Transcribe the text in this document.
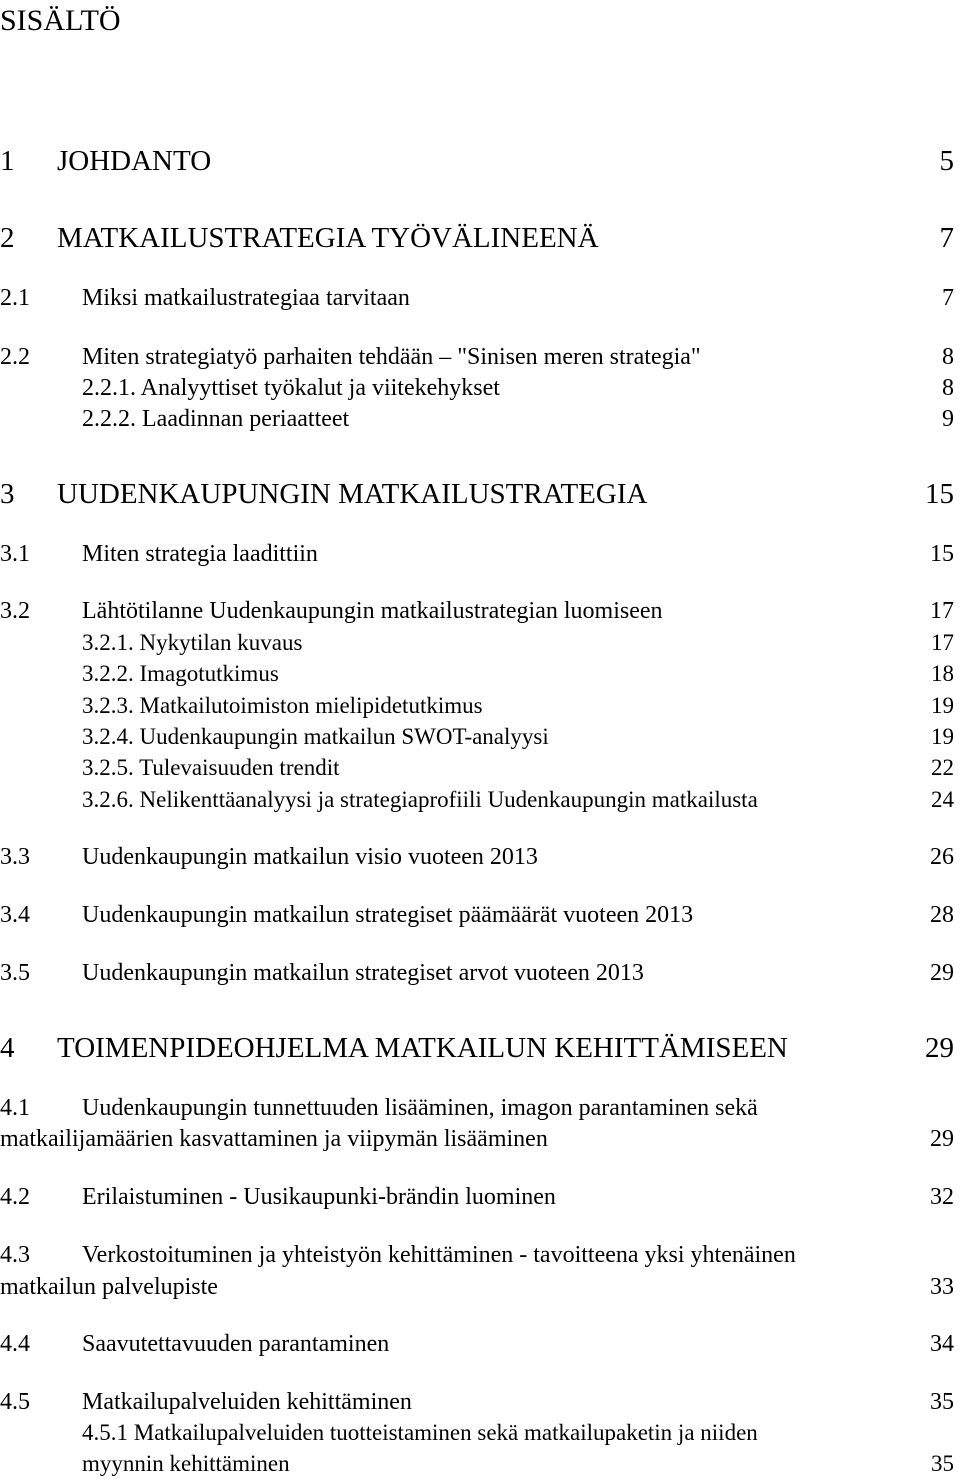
SISÄLTÖ
1 JOHDANTO	5
2 MATKAILUSTRATEGIA TYÖVÄLINEENÄ	7
2.1 Miksi matkailustrategiaa tarvitaan	7
2.2 Miten strategiatyö parhaiten tehdään – "Sinisen meren strategia"	8
2.2.1. Analyyttiset työkalut ja viitekehykset	8
2.2.2. Laadinnan periaatteet	9
3 UUDENKAUPUNGIN MATKAILUSTRATEGIA	15
3.1 Miten strategia laadittiin	15
3.2 Lähtötilanne Uudenkaupungin matkailustrategian luomiseen	17
3.2.1. Nykytilan kuvaus	17
3.2.2. Imagotutkimus	18
3.2.3. Matkailutoimiston mielipidetutkimus	19
3.2.4. Uudenkaupungin matkailun SWOT-analyysi	19
3.2.5. Tulevaisuuden trendit	22
3.2.6. Nelikenttäanalyysi ja strategiaprofiili Uudenkaupungin matkailusta	24
3.3 Uudenkaupungin matkailun visio vuoteen 2013	26
3.4 Uudenkaupungin matkailun strategiset päämäärät vuoteen 2013	28
3.5 Uudenkaupungin matkailun strategiset arvot vuoteen 2013	29
4 TOIMENPIDEOHJELMA MATKAILUN KEHITTÄMISEEN	29
4.1 Uudenkaupungin tunnettuuden lisääminen, imagon parantaminen sekä
matkailijamäärien kasvattaminen ja viipymän lisääminen	29
4.2 Erilaistuminen - Uusikaupunki-brändin luominen	32
4.3 Verkostoituminen ja yhteistyön kehittäminen - tavoitteena yksi yhtenäinen
matkailun palvelupiste	33
4.4 Saavutettavuuden parantaminen	34
4.5 Matkailupalveluiden kehittäminen	35
4.5.1 Matkailupalveluiden tuotteistaminen sekä matkailupaketin ja niiden
myynnin kehittäminen	35
